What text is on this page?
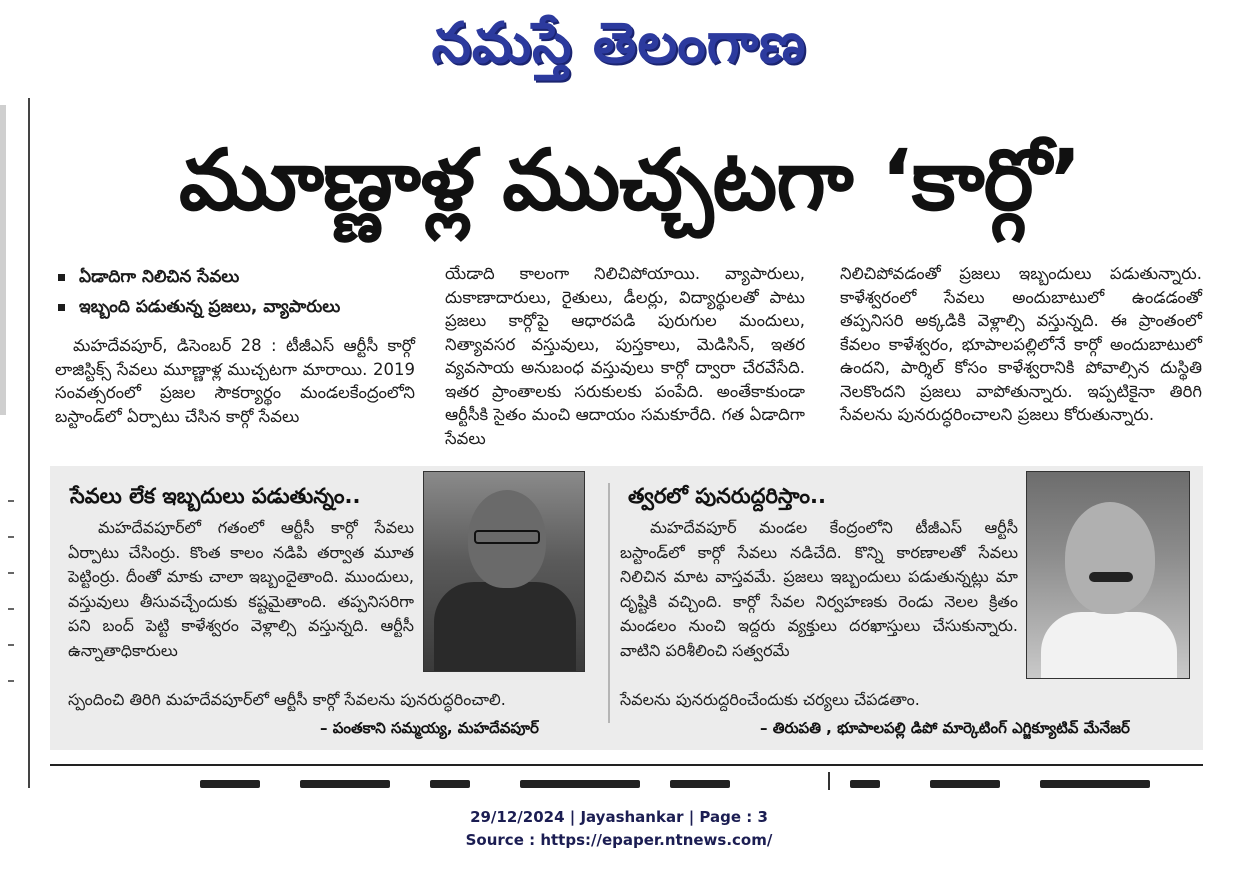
నమస్తే తెలంగాణ
మూణ్ణాళ్ల ముచ్చటగా ‘కార్గో’
ఏడాదిగా నిలిచిన సేవలు
ఇబ్బంది పడుతున్న ప్రజలు, వ్యాపారులు

మహదేవపూర్, డిసెంబర్ 28 : టీజీఎస్ ఆర్టీసీ కార్గో లాజిస్టిక్స్ సేవలు మూణ్ణాళ్ల ముచ్చటగా మారాయి. 2019 సంవత్సరంలో ప్రజల సౌకర్యార్థం మండలకేంద్రంలోని బస్టాండ్‌లో ఏర్పాటు చేసిన కార్గో సేవలు

యేడాది కాలంగా నిలిచిపోయాయి. వ్యాపారులు, దుకాణాదారులు, రైతులు, డీలర్లు, విద్యార్థులతో పాటు ప్రజలు కార్గోపై ఆధారపడి పురుగుల మందులు, నిత్యావసర వస్తువులు, పుస్తకాలు, మెడిసిన్, ఇతర వ్యవసాయ అనుబంధ వస్తువులు కార్గో ద్వారా చేరవేసేది. ఇతర ప్రాంతాలకు సరుకులకు పంపేది. అంతేకాకుండా ఆర్టీసీకి సైతం మంచి ఆదాయం సమకూరేది. గత ఏడాదిగా సేవలు

నిలిచిపోవడంతో ప్రజలు ఇబ్బందులు పడుతున్నారు. కాళేశ్వరంలో సేవలు అందుబాటులో ఉండడంతో తప్పనిసరి అక్కడికి వెళ్లాల్సి వస్తున్నది. ఈ ప్రాంతంలో కేవలం కాళేశ్వరం, భూపాలపల్లిలోనే కార్గో అందుబాటులో ఉందని, పార్శిల్ కోసం కాళేశ్వరానికి పోవాల్సిన దుస్థితి నెలకొందని ప్రజలు వాపోతున్నారు. ఇప్పటికైనా తిరిగి సేవలను పునరుద్ధరించాలని ప్రజలు కోరుతున్నారు.

సేవలు లేక ఇబ్బదులు పడుతున్నం..

మహదేవపూర్‌లో గతంలో ఆర్టీసీ కార్గో సేవలు ఏర్పాటు చేసింర్రు. కొంత కాలం నడిపి తర్వాత మూత పెట్టింర్రు. దీంతో మాకు చాలా ఇబ్బందైతాంది. ముందులు, వస్తువులు తీసువచ్చేందుకు కష్టమైతాంది. తప్పనిసరిగా పని బంద్ పెట్టి కాళేశ్వరం వెళ్లాల్సి వస్తున్నది. ఆర్టీసీ ఉన్నాతాధికారులు

స్పందించి తిరిగి మహదేవపూర్‌లో ఆర్టీసీ కార్గో సేవలను పునరుద్ధరించాలి.

– పంతకాని సమ్మయ్య, మహదేవపూర్
త్వరలో పునరుద్దరిస్తాం..

మహదేవపూర్ మండల కేంద్రంలోని టీజీఎస్ ఆర్టీసీ బస్టాండ్‌లో కార్గో సేవలు నడిచేది. కొన్ని కారణాలతో సేవలు నిలిచిన మాట వాస్తవమే. ప్రజలు ఇబ్బందులు పడుతున్నట్లు మా దృష్టికి వచ్చింది. కార్గో సేవల నిర్వహణకు రెండు నెలల క్రితం మండలం నుంచి ఇద్దరు వ్యక్తులు దరఖాస్తులు చేసుకున్నారు. వాటిని పరిశీలించి సత్వరమే

సేవలను పునరుద్దరించేందుకు చర్యలు చేపడతాం.

– తిరుపతి , భూపాలపల్లి డిపో మార్కెటింగ్ ఎగ్జిక్యూటివ్ మేనేజర్
29/12/2024 | Jayashankar | Page : 3
Source : https://epaper.ntnews.com/
